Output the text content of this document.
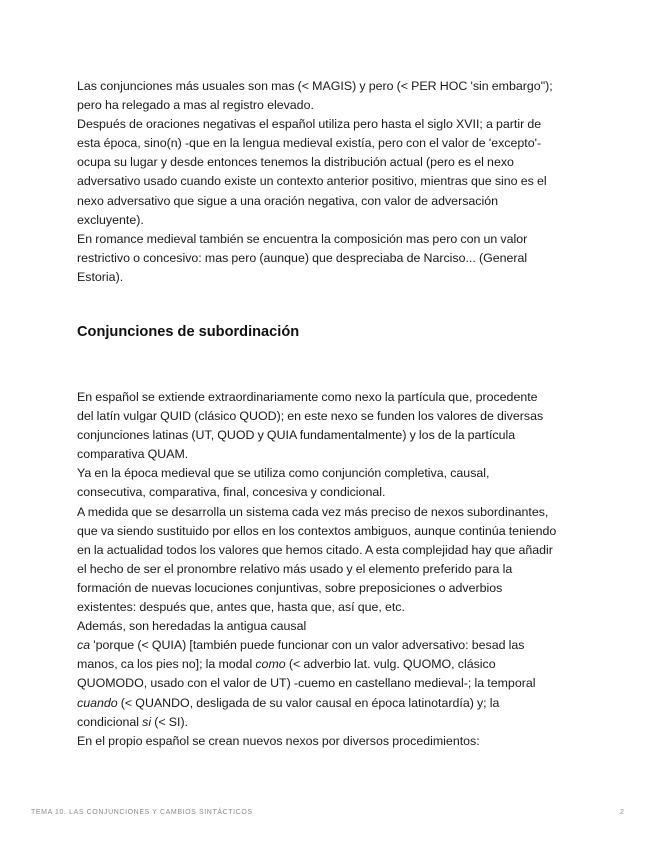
Las conjunciones más usuales son mas (< MAGIS) y pero (< PER HOC 'sin embargo");
pero ha relegado a mas al registro elevado.
Después de oraciones negativas el español utiliza pero hasta el siglo XVII; a partir de
esta época, sino(n) -que en la lengua medieval existía, pero con el valor de 'excepto'-
ocupa su lugar y desde entonces tenemos la distribución actual (pero es el nexo
adversativo usado cuando existe un contexto anterior positivo, mientras que sino es el
nexo adversativo que sigue a una oración negativa, con valor de adversación
excluyente).
En romance medieval también se encuentra la composición mas pero con un valor
restrictivo o concesivo: mas pero (aunque) que despreciaba de Narciso... (General
Estoria).
Conjunciones de subordinación
En español se extiende extraordinariamente como nexo la partícula que, procedente
del latín vulgar QUID (clásico QUOD); en este nexo se funden los valores de diversas
conjunciones latinas (UT, QUOD y QUIA fundamentalmente) y los de la partícula
comparativa QUAM.
Ya en la época medieval que se utiliza como conjunción completiva, causal,
consecutiva, comparativa, final, concesiva y condicional.
A medida que se desarrolla un sistema cada vez más preciso de nexos subordinantes,
que va siendo sustituido por ellos en los contextos ambiguos, aunque continúa teniendo
en la actualidad todos los valores que hemos citado. A esta complejidad hay que añadir
el hecho de ser el pronombre relativo más usado y el elemento preferido para la
formación de nuevas locuciones conjuntivas, sobre preposiciones o adverbios
existentes: después que, antes que, hasta que, así que, etc.
Además, son heredadas la antigua causal
ca 'porque (< QUIA) [también puede funcionar con un valor adversativo: besad las
manos, ca los pies no]; la modal como (< adverbio lat. vulg. QUOMO, clásico
QUOMODO, usado con el valor de UT) -cuemo en castellano medieval-; la temporal
cuando (< QUANDO, desligada de su valor causal en época latinotardía) y; la
condicional si (< SI).
En el propio español se crean nuevos nexos por diversos procedimientos:
TEMA 10. LAS CONJUNCIONES Y CAMBIOS SINTÁCTICOS	2
